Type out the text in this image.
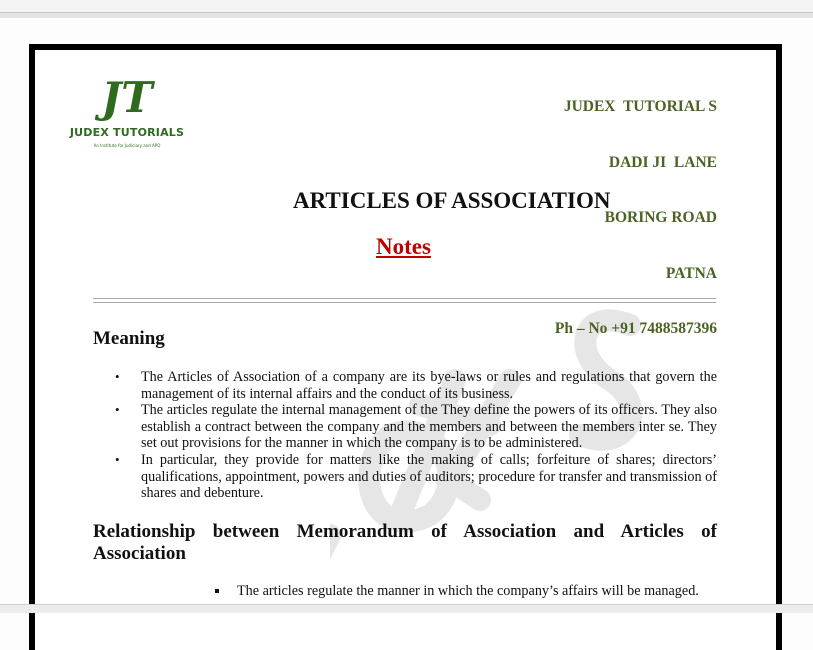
JT
JUDEX TUTORIALS
An Institute for Judiciary and APO

JUDEX  TUTORIAL S

DADI JI  LANE

BORING ROAD

PATNA

Ph – No +91 7488587396

ARTICLES OF ASSOCIATION
Notes
Meaning
• The Articles of Association of a company are its bye-laws or rules and regulations that govern the management of its internal affairs and the conduct of its business.
• The articles regulate the internal management of the They define the powers of its officers. They also establish a contract between the company and the members and between the members inter se. They set out provisions for the manner in which the company is to be administered.
• In particular, they provide for matters like the making of calls; forfeiture of shares; directors’ qualifications, appointment, powers and duties of auditors; procedure for transfer and transmission of shares and debenture.
Relationship between Memorandum of Association and Articles of
Association
The articles regulate the manner in which the company’s affairs will be managed.
